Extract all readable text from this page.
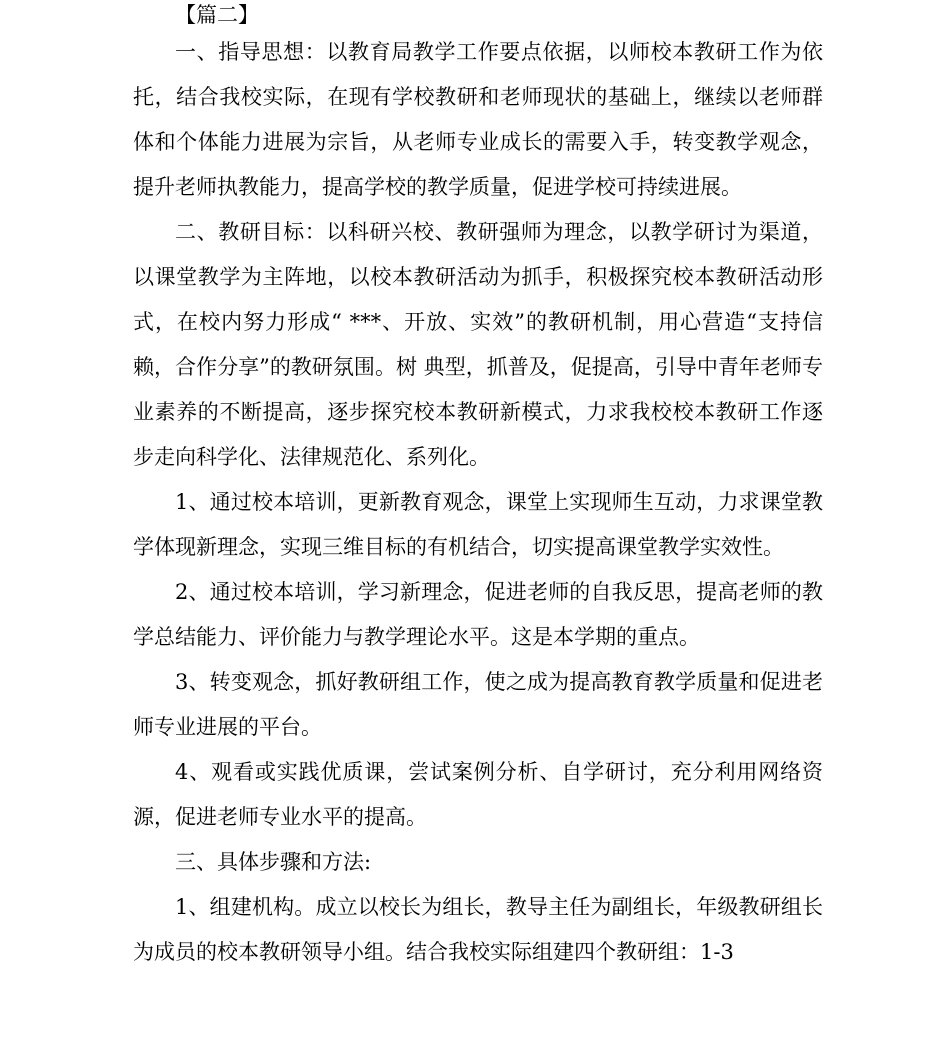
【篇二】

一、指导思想：以教育局教学工作要点依据，以师校本教研工作为依托，结合我校实际，在现有学校教研和老师现状的基础上，继续以老师群体和个体能力进展为宗旨，从老师专业成长的需要入手，转变教学观念，提升老师执教能力，提高学校的教学质量，促进学校可持续进展。

二、教研目标：以科研兴校、教研强师为理念，以教学研讨为渠道，以课堂教学为主阵地，以校本教研活动为抓手，积极探究校本教研活动形式，在校内努力形成“ ***、开放、实效”的教研机制，用心营造“支持信赖，合作分享”的教研氛围。树 典型，抓普及，促提高，引导中青年老师专业素养的不断提高，逐步探究校本教研新模式，力求我校校本教研工作逐步走向科学化、法律规范化、系列化。

1、通过校本培训，更新教育观念，课堂上实现师生互动，力求课堂教学体现新理念，实现三维目标的有机结合，切实提高课堂教学实效性。

2、通过校本培训，学习新理念，促进老师的自我反思，提高老师的教学总结能力、评价能力与教学理论水平。这是本学期的重点。

3、转变观念，抓好教研组工作，使之成为提高教育教学质量和促进老师专业进展的平台。

4、观看或实践优质课，尝试案例分析、自学研讨，充分利用网络资源，促进老师专业水平的提高。

三、具体步骤和方法:

1、组建机构。成立以校长为组长，教导主任为副组长，年级教研组长为成员的校本教研领导小组。结合我校实际组建四个教研组：1-3
